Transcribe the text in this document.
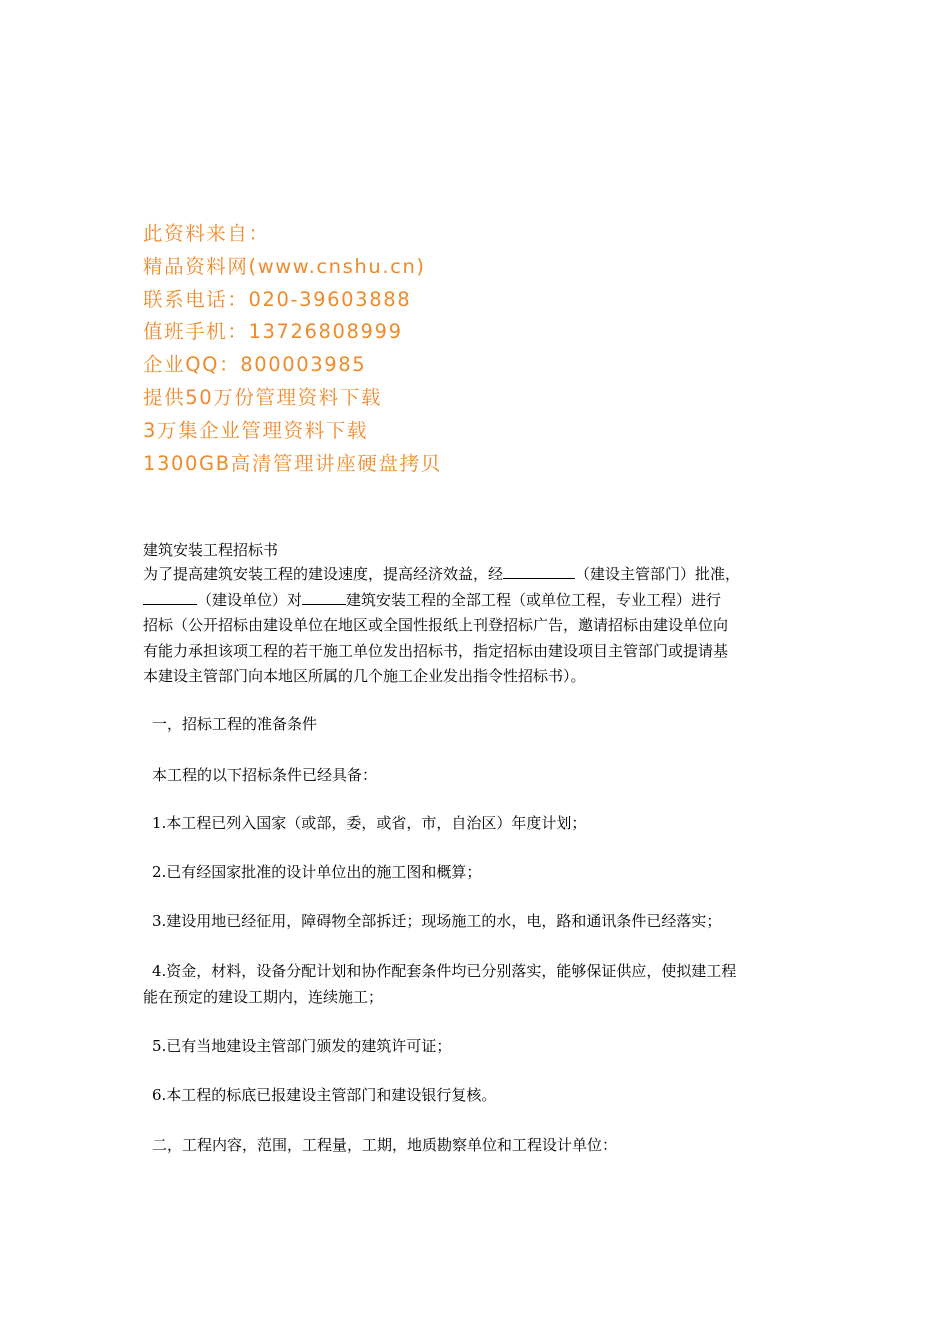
此资料来自：
精品资料网(www.cnshu.cn)
联系电话：020-39603888
值班手机：13726808999
企业QQ：800003985
提供50万份管理资料下载
3万集企业管理资料下载
1300GB高清管理讲座硬盘拷贝
建筑安装工程招标书
为了提高建筑安装工程的建设速度，提高经济效益，经	（建设主管部门）批准，
（建设单位）对	建筑安装工程的全部工程（或单位工程，专业工程）进行
招标（公开招标由建设单位在地区或全国性报纸上刊登招标广告，邀请招标由建设单位向
有能力承担该项工程的若干施工单位发出招标书，指定招标由建设项目主管部门或提请基
本建设主管部门向本地区所属的几个施工企业发出指令性招标书）。

一，招标工程的准备条件

本工程的以下招标条件已经具备：

1.本工程已列入国家（或部，委，或省，市，自治区）年度计划；

2.已有经国家批准的设计单位出的施工图和概算；

3.建设用地已经征用，障碍物全部拆迁；现场施工的水，电，路和通讯条件已经落实；

4.资金，材料，设备分配计划和协作配套条件均已分别落实，能够保证供应，使拟建工程
能在预定的建设工期内，连续施工；

5.已有当地建设主管部门颁发的建筑许可证；

6.本工程的标底已报建设主管部门和建设银行复核。

二，工程内容，范围，工程量，工期，地质勘察单位和工程设计单位：
